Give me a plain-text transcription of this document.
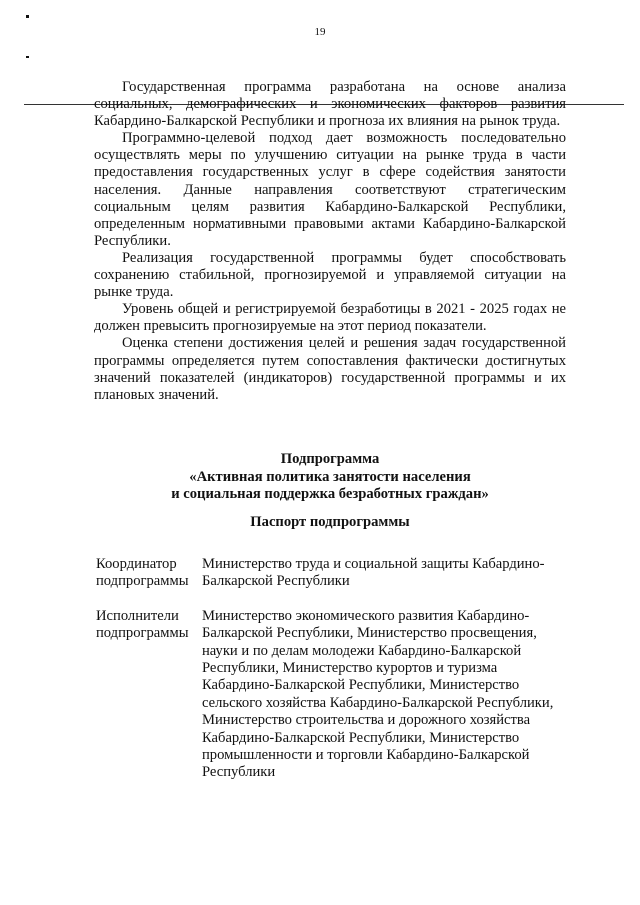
19

Государственная программа разработана на основе анализа социальных, демографических и экономических факторов развития Кабардино-Балкарской Республики и прогноза их влияния на рынок труда.

Программно-целевой подход дает возможность последовательно осуществлять меры по улучшению ситуации на рынке труда в части предоставления государственных услуг в сфере содействия занятости населения. Данные направления соответствуют стратегическим социальным целям развития Кабардино-Балкарской Республики, определенным нормативными правовыми актами Кабардино-Балкарской Республики.

Реализация государственной программы будет способствовать сохранению стабильной, прогнозируемой и управляемой ситуации на рынке труда.

Уровень общей и регистрируемой безработицы в 2021 - 2025 годах не должен превысить прогнозируемые на этот период показатели.

Оценка степени достижения целей и решения задач государственной программы определяется путем сопоставления фактически достигнутых значений показателей (индикаторов) государственной программы и их плановых значений.

Подпрограмма
«Активная политика занятости населения
и социальная поддержка безработных граждан»
Паспорт подпрограммы
Координатор подпрограммы	Министерство труда и социальной защиты Кабардино-Балкарской Республики

Исполнители подпрограммы	Министерство экономического развития Кабардино-Балкарской Республики, Министерство просвещения, науки и по делам молодежи Кабардино-Балкарской Республики, Министерство курортов и туризма Кабардино-Балкарской Республики, Министерство сельского хозяйства Кабардино-Балкарской Республики, Министерство строительства и дорожного хозяйства Кабардино-Балкарской Республики, Министерство промышленности и торговли Кабардино-Балкарской Республики
